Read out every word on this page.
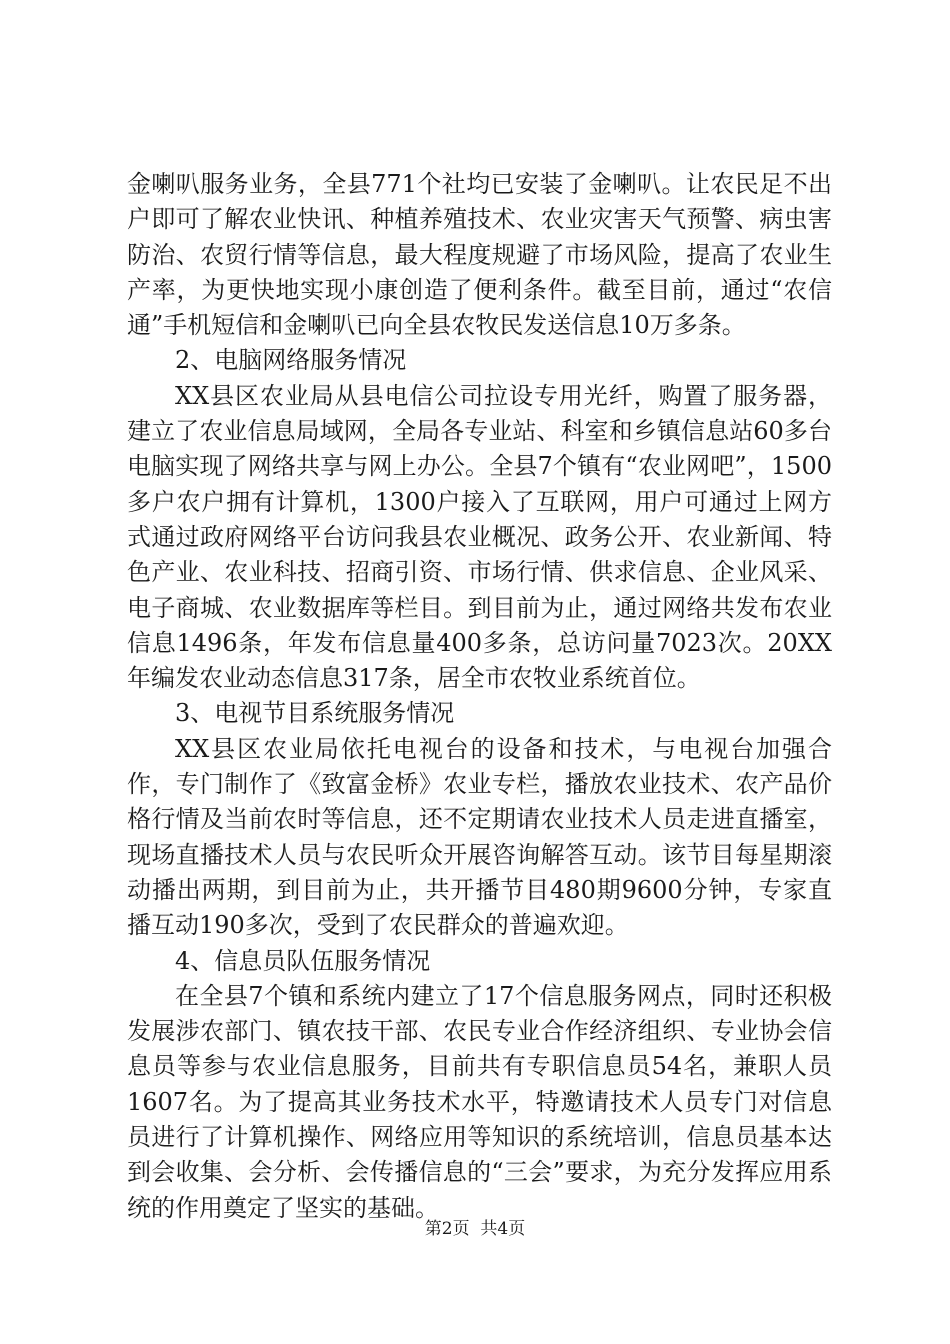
金喇叭服务业务，全县771个社均已安装了金喇叭。让农民足不出户即可了解农业快讯、种植养殖技术、农业灾害天气预警、病虫害防治、农贸行情等信息，最大程度规避了市场风险，提高了农业生产率，为更快地实现小康创造了便利条件。截至目前，通过“农信通”手机短信和金喇叭已向全县农牧民发送信息10万多条。

2、电脑网络服务情况

XX县区农业局从县电信公司拉设专用光纤，购置了服务器，建立了农业信息局域网，全局各专业站、科室和乡镇信息站60多台电脑实现了网络共享与网上办公。全县7个镇有“农业网吧”，1500多户农户拥有计算机，1300户接入了互联网，用户可通过上网方式通过政府网络平台访问我县农业概况、政务公开、农业新闻、特色产业、农业科技、招商引资、市场行情、供求信息、企业风采、电子商城、农业数据库等栏目。到目前为止，通过网络共发布农业信息1496条，年发布信息量400多条，总访问量7023次。20XX年编发农业动态信息317条，居全市农牧业系统首位。

3、电视节目系统服务情况

XX县区农业局依托电视台的设备和技术，与电视台加强合作，专门制作了《致富金桥》农业专栏，播放农业技术、农产品价格行情及当前农时等信息，还不定期请农业技术人员走进直播室，现场直播技术人员与农民听众开展咨询解答互动。该节目每星期滚动播出两期，到目前为止，共开播节目480期9600分钟，专家直播互动190多次，受到了农民群众的普遍欢迎。

4、信息员队伍服务情况

在全县7个镇和系统内建立了17个信息服务网点，同时还积极发展涉农部门、镇农技干部、农民专业合作经济组织、专业协会信息员等参与农业信息服务，目前共有专职信息员54名，兼职人员1607名。为了提高其业务技术水平，特邀请技术人员专门对信息员进行了计算机操作、网络应用等知识的系统培训，信息员基本达到会收集、会分析、会传播信息的“三会”要求，为充分发挥应用系统的作用奠定了坚实的基础。

第2页 共4页
